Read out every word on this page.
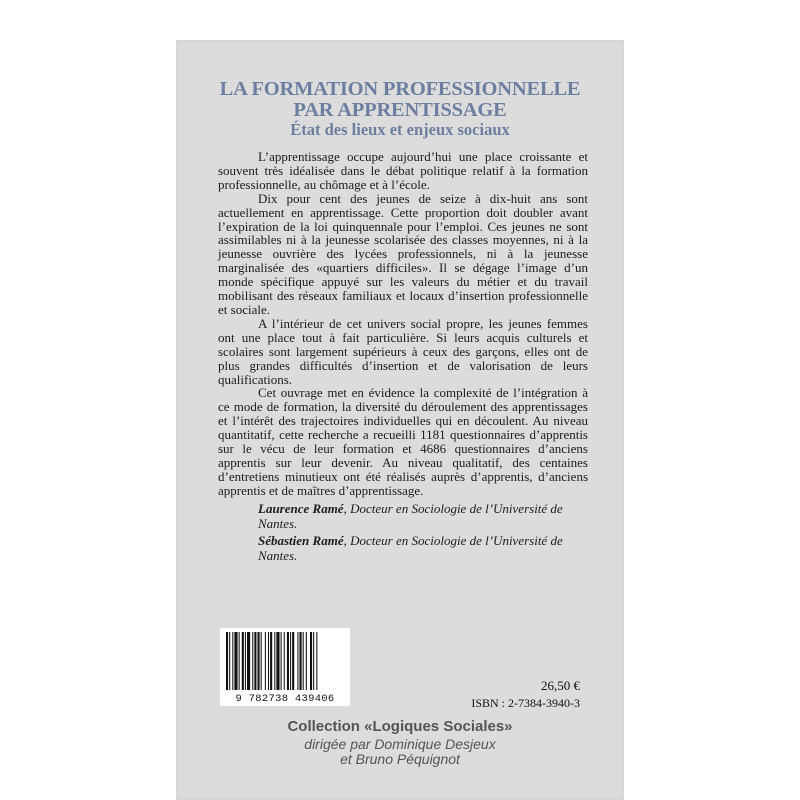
LA FORMATION PROFESSIONNELLE
PAR APPRENTISSAGE
État des lieux et enjeux sociaux

L’apprentissage occupe aujourd’hui une place croissante et souvent très idéalisée dans le débat politique relatif à la formation professionnelle, au chômage et à l’école.

Dix pour cent des jeunes de seize à dix-huit ans sont actuellement en apprentissage. Cette proportion doit doubler avant l’expiration de la loi quinquennale pour l’emploi. Ces jeunes ne sont assimilables ni à la jeunesse scolarisée des classes moyennes, ni à la jeunesse ouvrière des lycées professionnels, ni à la jeunesse marginalisée des «quartiers difficiles». Il se dégage l’image d’un monde spécifique appuyé sur les valeurs du métier et du travail mobilisant des réseaux familiaux et locaux d’insertion professionnelle et sociale.

A l’intérieur de cet univers social propre, les jeunes femmes ont une place tout à fait particulière. Si leurs acquis culturels et scolaires sont largement supérieurs à ceux des garçons, elles ont de plus grandes difficultés d’insertion et de valorisation de leurs qualifications.

Cet ouvrage met en évidence la complexité de l’intégration à ce mode de formation, la diversité du déroulement des apprentissages et l’intérêt des trajectoires individuelles qui en découlent. Au niveau quantitatif, cette recherche a recueilli 1181 questionnaires d’apprentis sur le vécu de leur formation et 4686 questionnaires d’anciens apprentis sur leur devenir. Au niveau qualitatif, des centaines d’entretiens minutieux ont été réalisés auprès d’apprentis, d’anciens apprentis et de maîtres d’apprentissage.

Laurence Ramé, Docteur en Sociologie de l’Université de Nantes.

Sébastien Ramé, Docteur en Sociologie de l’Université de Nantes.

9 782738 439406
26,50 €
ISBN : 2-7384-3940-3
Collection «Logiques Sociales»
dirigée par Dominique Desjeux
et Bruno Péquignot
